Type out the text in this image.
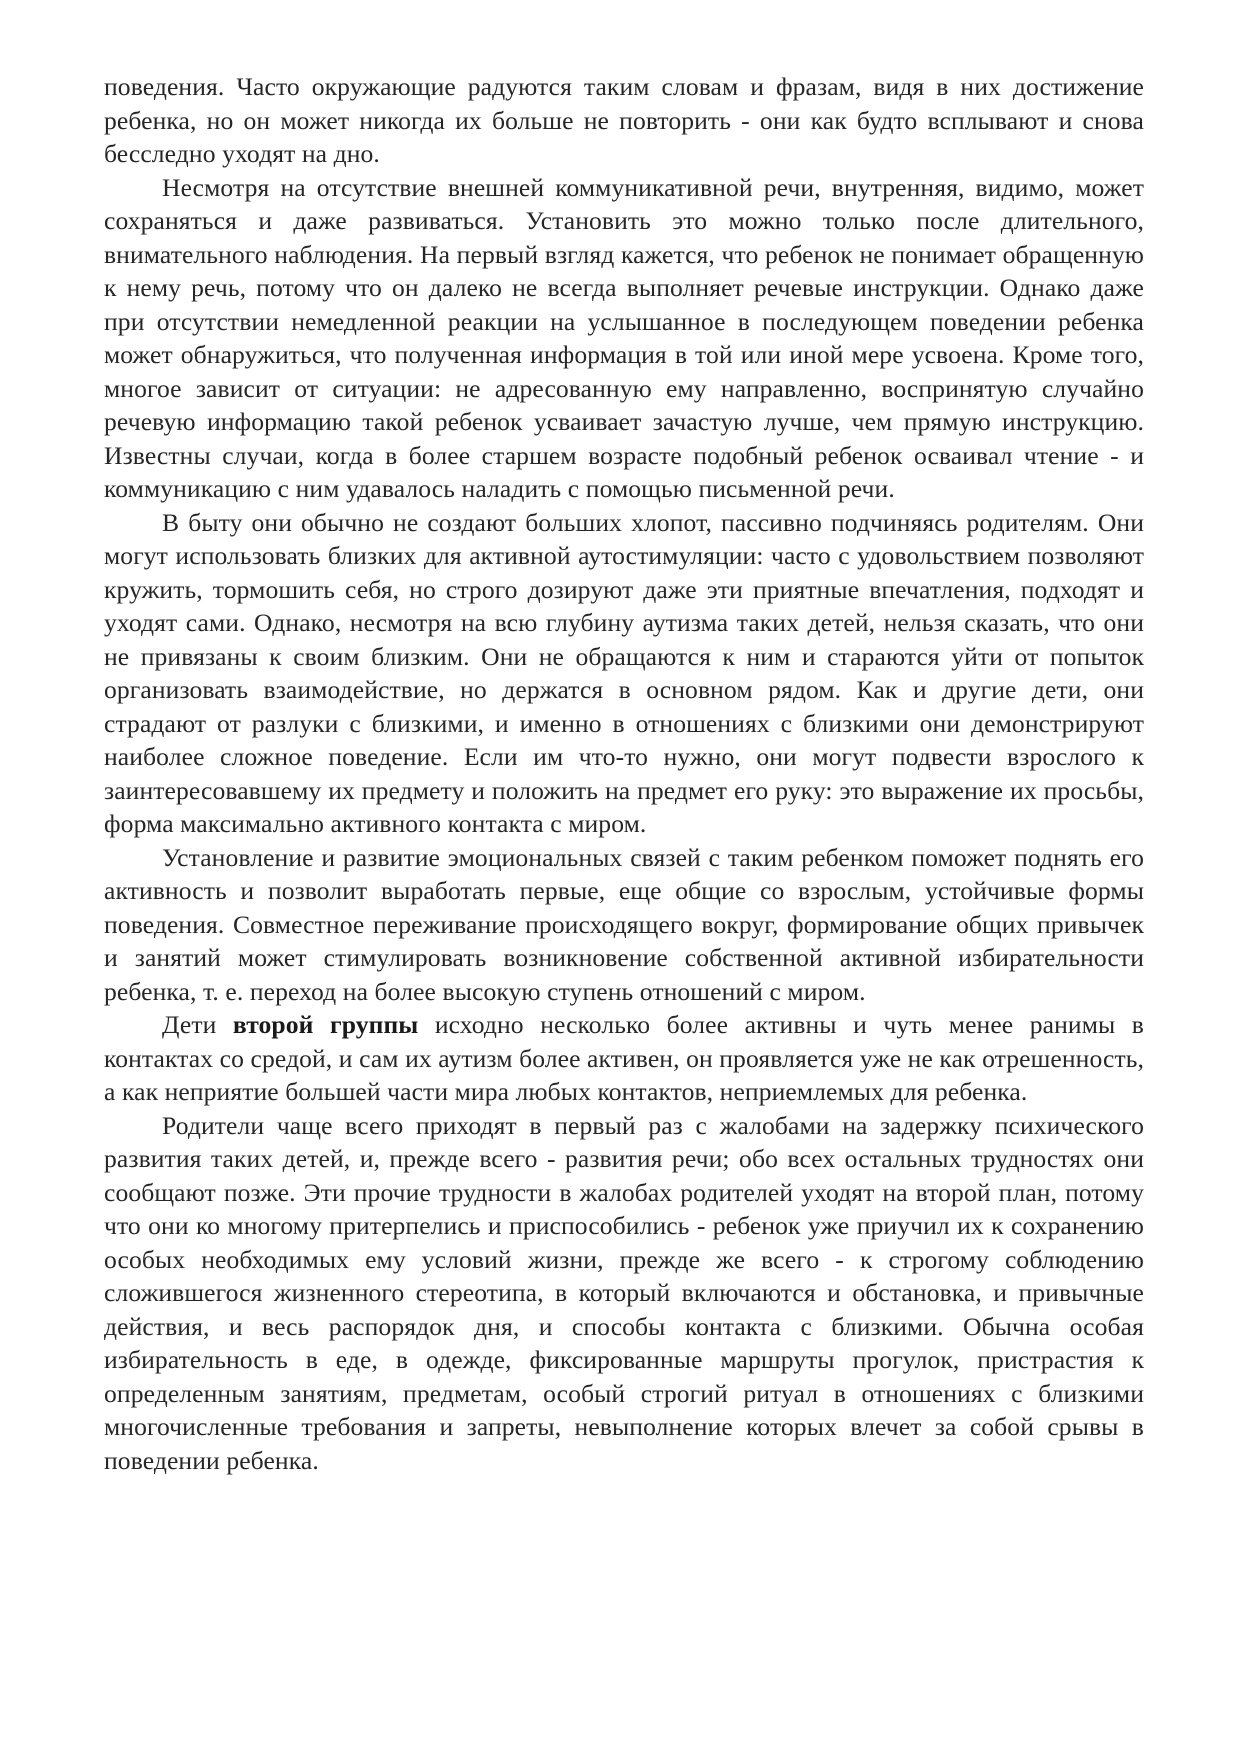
поведения. Часто окружающие радуются таким словам и фразам, видя в них достижение ребенка, но он может никогда их больше не повторить - они как будто всплывают и снова бесследно уходят на дно.

Несмотря на отсутствие внешней коммуникативной речи, внутренняя, видимо, может сохраняться и даже развиваться. Установить это можно только после длительного, внимательного наблюдения. На первый взгляд кажется, что ребенок не понимает обращенную к нему речь, потому что он далеко не всегда выполняет речевые инструкции. Однако даже при отсутствии немедленной реакции на услышанное в последующем поведении ребенка может обнаружиться, что полученная информация в той или иной мере усвоена. Кроме того, многое зависит от ситуации: не адресованную ему направленно, воспринятую случайно речевую информацию такой ребенок усваивает зачастую лучше, чем прямую инструкцию. Известны случаи, когда в более старшем возрасте подобный ребенок осваивал чтение - и коммуникацию с ним удавалось наладить с помощью письменной речи.

В быту они обычно не создают больших хлопот, пассивно подчиняясь родителям. Они могут использовать близких для активной аутостимуляции: часто с удовольствием позволяют кружить, тормошить себя, но строго дозируют даже эти приятные впечатления, подходят и уходят сами. Однако, несмотря на всю глубину аутизма таких детей, нельзя сказать, что они не привязаны к своим близким. Они не обращаются к ним и стараются уйти от попыток организовать взаимодействие, но держатся в основном рядом. Как и другие дети, они страдают от разлуки с близкими, и именно в отношениях с близкими они демонстрируют наиболее сложное поведение. Если им что-то нужно, они могут подвести взрослого к заинтересовавшему их предмету и положить на предмет его руку: это выражение их просьбы, форма максимально активного контакта с миром.

Установление и развитие эмоциональных связей с таким ребенком поможет поднять его активность и позволит выработать первые, еще общие со взрослым, устойчивые формы поведения. Совместное переживание происходящего вокруг, формирование общих привычек и занятий может стимулировать возникновение собственной активной избирательности ребенка, т. е. переход на более высокую ступень отношений с миром.

Дети второй группы исходно несколько более активны и чуть менее ранимы в контактах со средой, и сам их аутизм более активен, он проявляется уже не как отрешенность, а как неприятие большей части мира любых контактов, неприемлемых для ребенка.

Родители чаще всего приходят в первый раз с жалобами на задержку психического развития таких детей, и, прежде всего - развития речи; обо всех остальных трудностях они сообщают позже. Эти прочие трудности в жалобах родителей уходят на второй план, потому что они ко многому притерпелись и приспособились - ребенок уже приучил их к сохранению особых необходимых ему условий жизни, прежде же всего - к строгому соблюдению сложившегося жизненного стереотипа, в который включаются и обстановка, и привычные действия, и весь распорядок дня, и способы контакта с близкими. Обычна особая избирательность в еде, в одежде, фиксированные маршруты прогулок, пристрастия к определенным занятиям, предметам, особый строгий ритуал в отношениях с близкими многочисленные требования и запреты, невыполнение которых влечет за собой срывы в поведении ребенка.
